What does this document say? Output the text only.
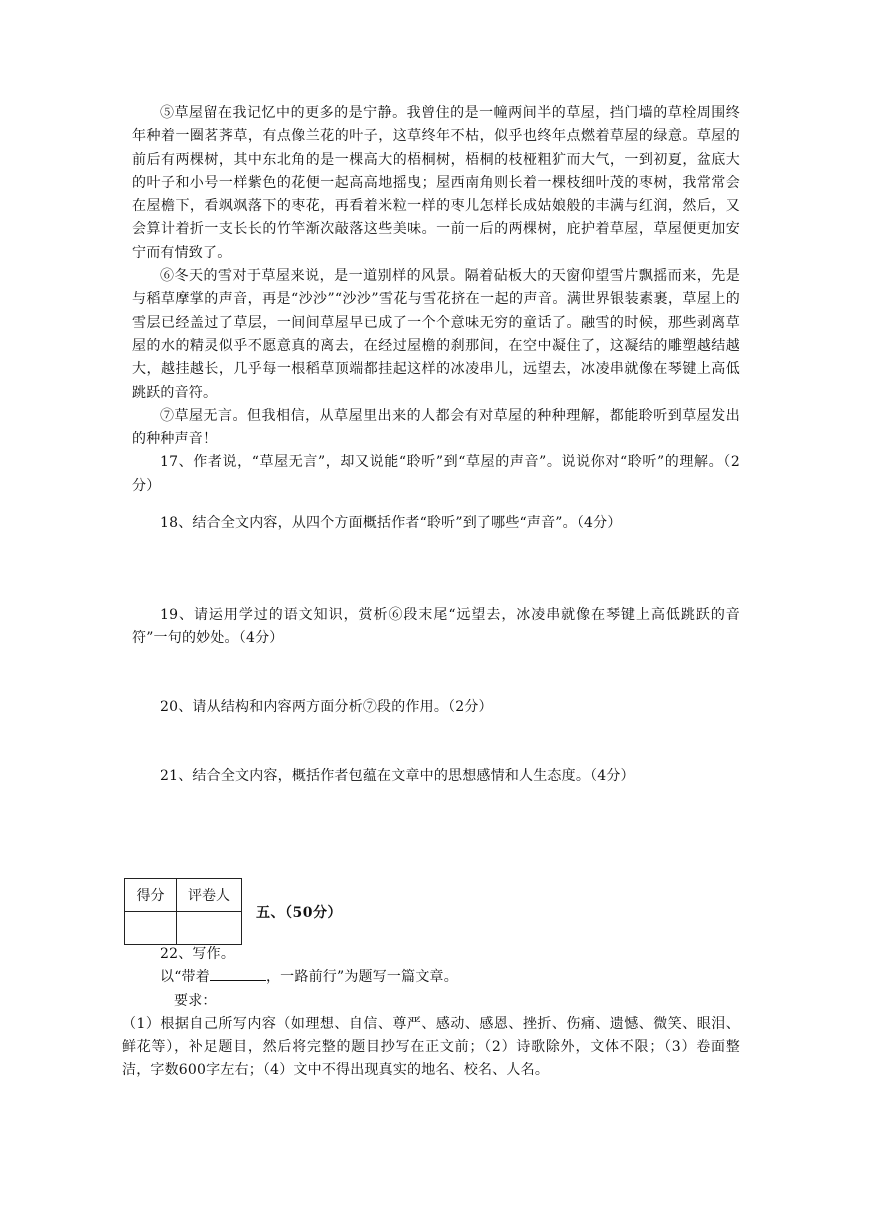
⑤草屋留在我记忆中的更多的是宁静。我曾住的是一幢两间半的草屋，挡门墙的草栓周围终年种着一圈茗荠草，有点像兰花的叶子，这草终年不枯，似乎也终年点燃着草屋的绿意。草屋的前后有两棵树，其中东北角的是一棵高大的梧桐树，梧桐的枝桠粗犷而大气，一到初夏，盆底大的叶子和小号一样紫色的花便一起高高地摇曳；屋西南角则长着一棵枝细叶茂的枣树，我常常会在屋檐下，看飒飒落下的枣花，再看着米粒一样的枣儿怎样长成姑娘般的丰满与红润，然后，又会算计着折一支长长的竹竿渐次敲落这些美味。一前一后的两棵树，庇护着草屋，草屋便更加安宁而有情致了。

⑥冬天的雪对于草屋来说，是一道别样的风景。隔着砧板大的天窗仰望雪片飘摇而来，先是与稻草摩掌的声音，再是“沙沙”“沙沙”雪花与雪花挤在一起的声音。满世界银装素裹，草屋上的雪层已经盖过了草层，一间间草屋早已成了一个个意味无穷的童话了。融雪的时候，那些剥离草屋的水的精灵似乎不愿意真的离去，在经过屋檐的刹那间，在空中凝住了，这凝结的雕塑越结越大，越挂越长，几乎每一根稻草顶端都挂起这样的冰凌串儿，远望去，冰凌串就像在琴键上高低跳跃的音符。

⑦草屋无言。但我相信，从草屋里出来的人都会有对草屋的种种理解，都能聆听到草屋发出的种种声音！

17、作者说，“草屋无言”，却又说能“聆听”到“草屋的声音”。说说你对“聆听”的理解。（2分）

18、结合全文内容，从四个方面概括作者“聆听”到了哪些“声音”。（4分）

19、请运用学过的语文知识，赏析⑥段末尾“远望去，冰凌串就像在琴键上高低跳跃的音符”一句的妙处。（4分）

20、请从结构和内容两方面分析⑦段的作用。（2分）

21、结合全文内容，概括作者包蕴在文章中的思想感情和人生态度。（4分）

得分	评卷人

五、（50分）

22、写作。

以“带着	，一路前行”为题写一篇文章。

要求：

（1）根据自己所写内容（如理想、自信、尊严、感动、感恩、挫折、伤痛、遗憾、微笑、眼泪、鲜花等），补足题目，然后将完整的题目抄写在正文前；（2）诗歌除外，文体不限；（3）卷面整洁，字数600字左右；（4）文中不得出现真实的地名、校名、人名。
